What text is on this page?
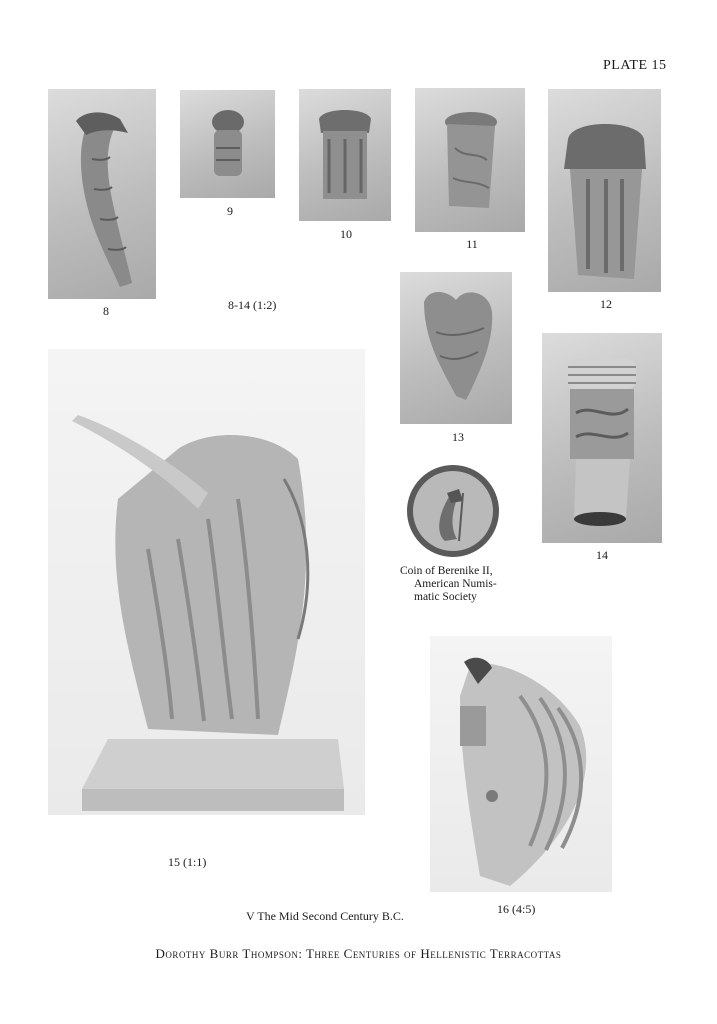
PLATE 15
8
9
10
11
12
8-14 (1:2)
13
14
Coin of Berenike II,
American Numis-
matic Society
15 (1:1)
16 (4:5)
V The Mid Second Century B.C.
Dorothy Burr Thompson: Three Centuries of Hellenistic Terracottas
